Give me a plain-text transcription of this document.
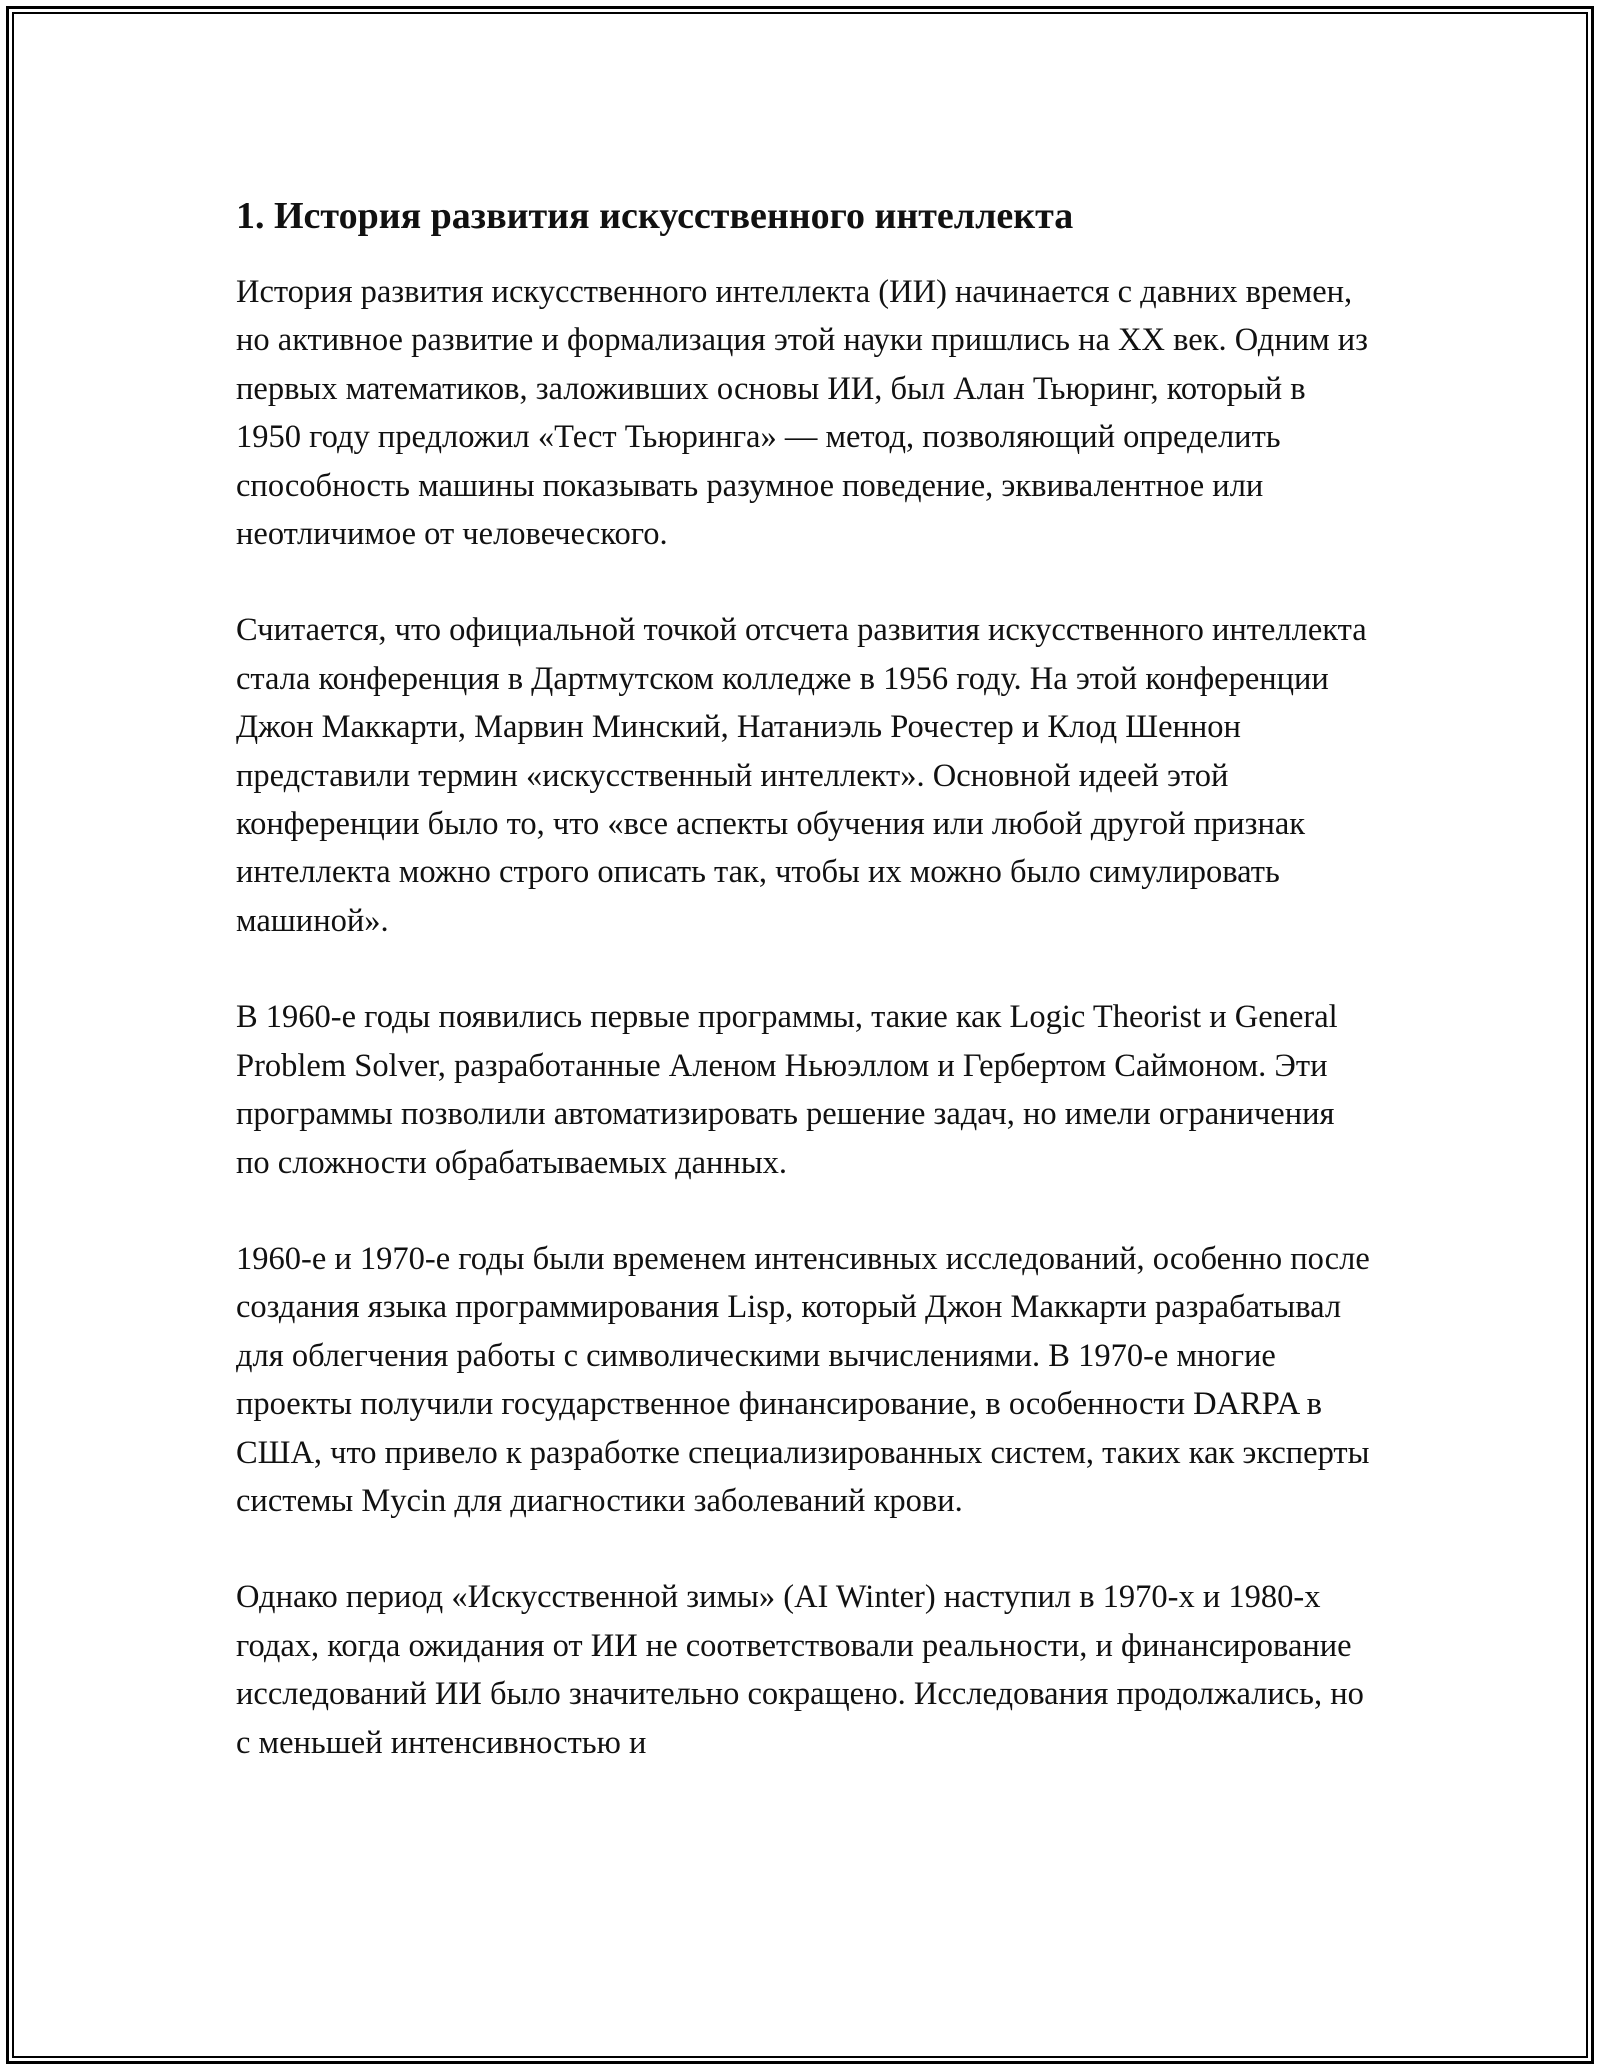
1. История развития искусственного интеллекта

История развития искусственного интеллекта (ИИ) начинается с давних времен, но активное развитие и формализация этой науки пришлись на XX век. Одним из первых математиков, заложивших основы ИИ, был Алан Тьюринг, который в 1950 году предложил «Тест Тьюринга» — метод, позволяющий определить способность машины показывать разумное поведение, эквивалентное или неотличимое от человеческого.

Считается, что официальной точкой отсчета развития искусственного интеллекта стала конференция в Дартмутском колледже в 1956 году. На этой конференции Джон Маккарти, Марвин Минский, Натаниэль Рочестер и Клод Шеннон представили термин «искусственный интеллект». Основной идеей этой конференции было то, что «все аспекты обучения или любой другой признак интеллекта можно строго описать так, чтобы их можно было симулировать машиной».

В 1960-е годы появились первые программы, такие как Logic Theorist и General Problem Solver, разработанные Аленом Ньюэллом и Гербертом Саймоном. Эти программы позволили автоматизировать решение задач, но имели ограничения по сложности обрабатываемых данных.

1960-е и 1970-е годы были временем интенсивных исследований, особенно после создания языка программирования Lisp, который Джон Маккарти разрабатывал для облегчения работы с символическими вычислениями. В 1970-е многие проекты получили государственное финансирование, в особенности DARPA в США, что привело к разработке специализированных систем, таких как эксперты системы Mycin для диагностики заболеваний крови.

Однако период «Искусственной зимы» (AI Winter) наступил в 1970-х и 1980-х годах, когда ожидания от ИИ не соответствовали реальности, и финансирование исследований ИИ было значительно сокращено. Исследования продолжались, но с меньшей интенсивностью и
